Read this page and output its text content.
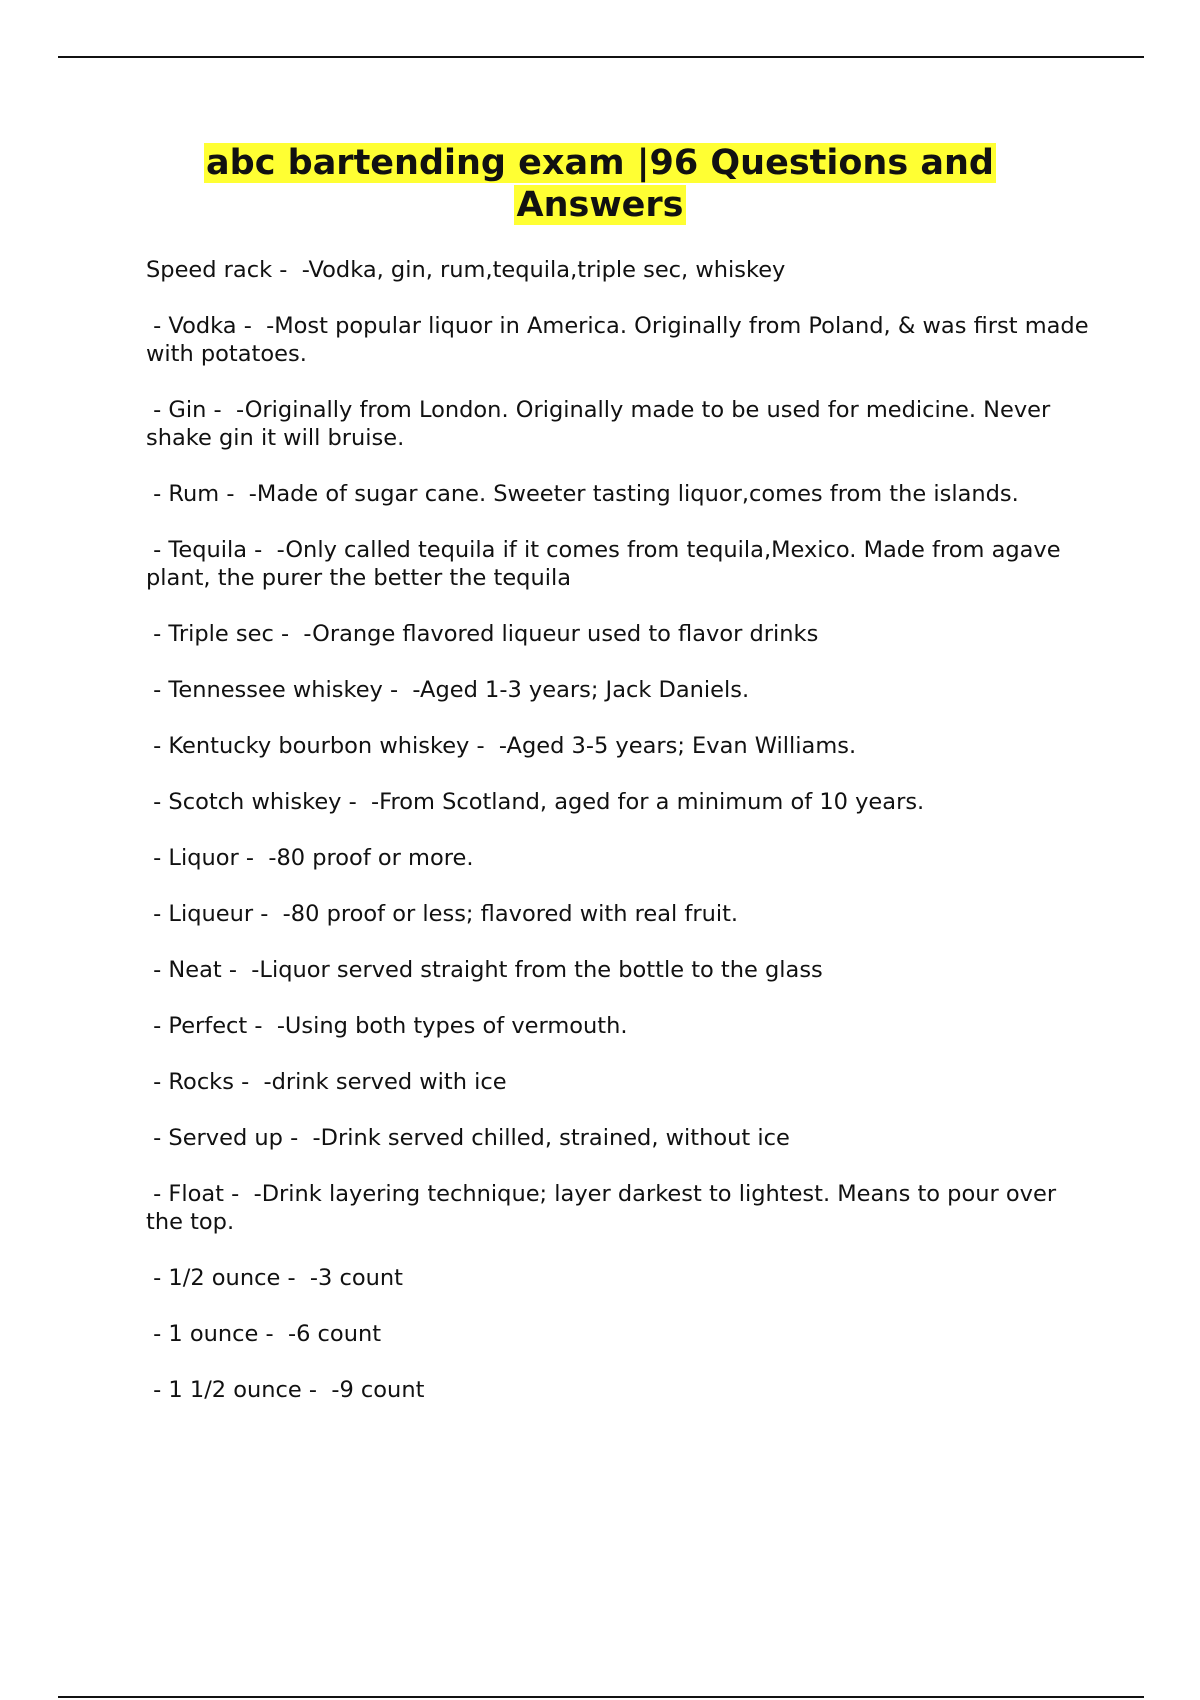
abc bartending exam |96 Questions and
Answers

Speed rack -  -Vodka, gin, rum,tequila,triple sec, whiskey

- Vodka -  -Most popular liquor in America. Originally from Poland, & was first made with potatoes.

- Gin -  -Originally from London. Originally made to be used for medicine. Never shake gin it will bruise.

- Rum -  -Made of sugar cane. Sweeter tasting liquor,comes from the islands.

- Tequila -  -Only called tequila if it comes from tequila,Mexico. Made from agave plant, the purer the better the tequila

- Triple sec -  -Orange flavored liqueur used to flavor drinks

- Tennessee whiskey -  -Aged 1-3 years; Jack Daniels.

- Kentucky bourbon whiskey -  -Aged 3-5 years; Evan Williams.

- Scotch whiskey -  -From Scotland, aged for a minimum of 10 years.

- Liquor -  -80 proof or more.

- Liqueur -  -80 proof or less; flavored with real fruit.

- Neat -  -Liquor served straight from the bottle to the glass

- Perfect -  -Using both types of vermouth.

- Rocks -  -drink served with ice

- Served up -  -Drink served chilled, strained, without ice

- Float -  -Drink layering technique; layer darkest to lightest. Means to pour over the top.

- 1/2 ounce -  -3 count

- 1 ounce -  -6 count

- 1 1/2 ounce -  -9 count
